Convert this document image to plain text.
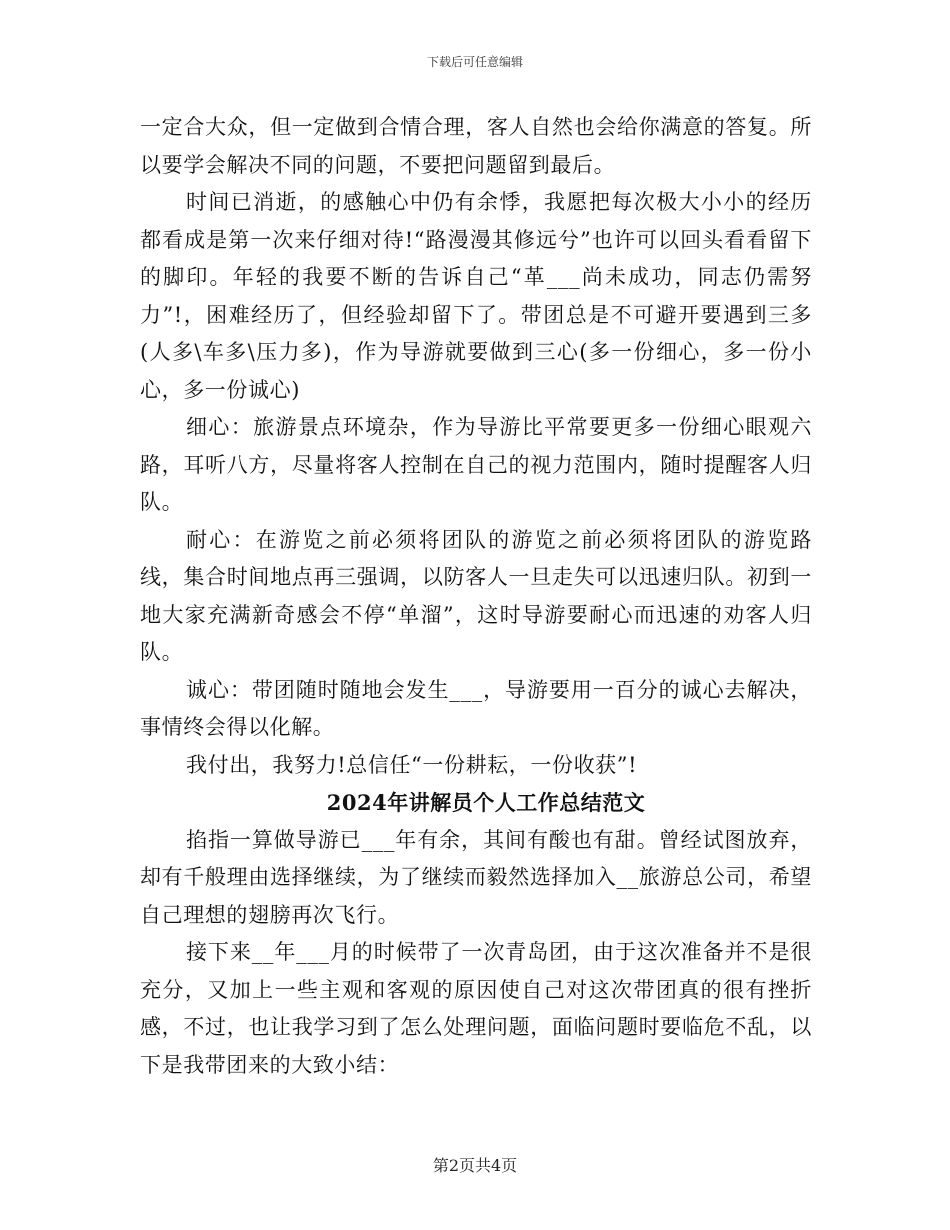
下载后可任意编辑

一定合大众，但一定做到合情合理，客人自然也会给你满意的答复。所以要学会解决不同的问题，不要把问题留到最后。

时间已消逝，的感触心中仍有余悸，我愿把每次极大小小的经历都看成是第一次来仔细对待!“路漫漫其修远兮”也许可以回头看看留下的脚印。年轻的我要不断的告诉自己“革___尚未成功，同志仍需努力”!，困难经历了，但经验却留下了。带团总是不可避开要遇到三多(人多\车多\压力多)，作为导游就要做到三心(多一份细心，多一份小心，多一份诚心)

细心：旅游景点环境杂，作为导游比平常要更多一份细心眼观六路，耳听八方，尽量将客人控制在自己的视力范围内，随时提醒客人归队。

耐心：在游览之前必须将团队的游览之前必须将团队的游览路线，集合时间地点再三强调，以防客人一旦走失可以迅速归队。初到一地大家充满新奇感会不停“单溜”，这时导游要耐心而迅速的劝客人归队。

诚心：带团随时随地会发生___，导游要用一百分的诚心去解决，事情终会得以化解。

我付出，我努力!总信任“一份耕耘，一份收获”!

2024年讲解员个人工作总结范文

掐指一算做导游已___年有余，其间有酸也有甜。曾经试图放弃，却有千般理由选择继续，为了继续而毅然选择加入__旅游总公司，希望自己理想的翅膀再次飞行。

接下来__年___月的时候带了一次青岛团，由于这次准备并不是很充分，又加上一些主观和客观的原因使自己对这次带团真的很有挫折感，不过，也让我学习到了怎么处理问题，面临问题时要临危不乱，以下是我带团来的大致小结：

第2页共4页
